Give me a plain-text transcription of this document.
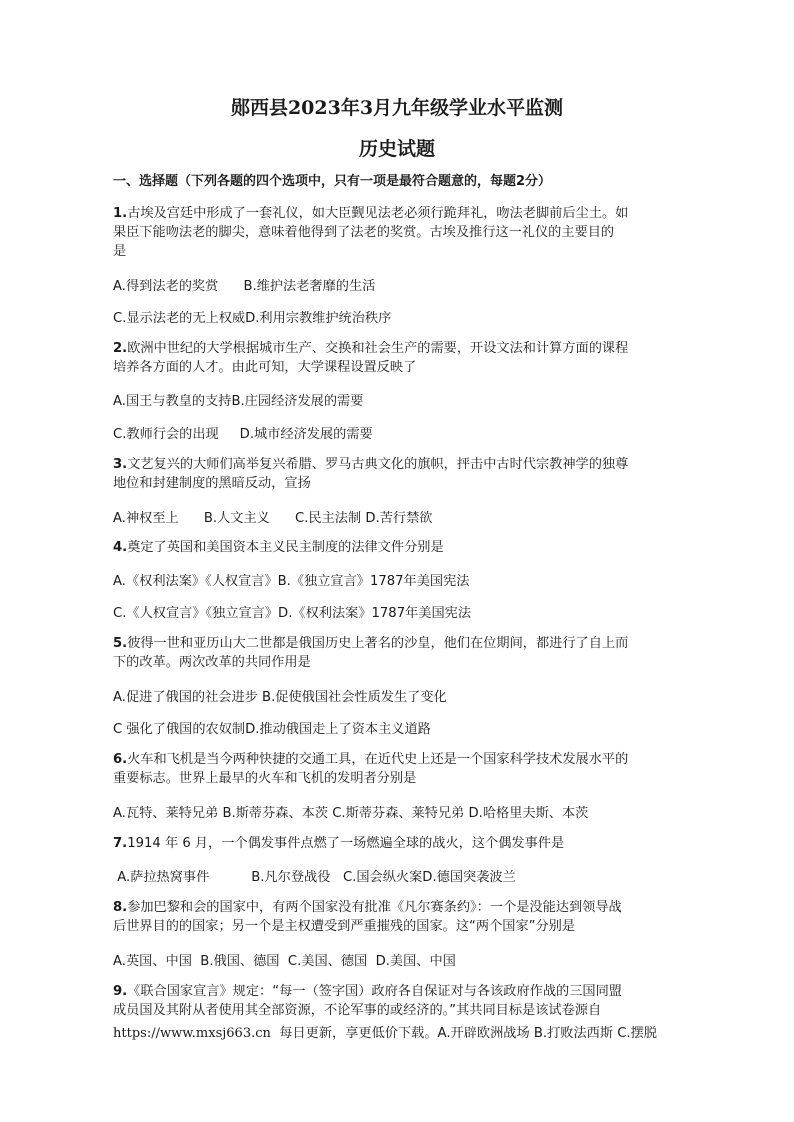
郧西县2023年3月九年级学业水平监测
历史试题
一、选择题（下列各题的四个选项中，只有一项是最符合题意的，每题2分）
1.古埃及宫廷中形成了一套礼仪，如大臣觐见法老必须行跪拜礼，吻法老脚前后尘土。如
果臣下能吻法老的脚尖，意味着他得到了法老的奖赏。古埃及推行这一礼仪的主要目的
是
A.得到法老的奖赏      B.维护法老奢靡的生活
C.显示法老的无上权威D.利用宗教维护统治秩序
2.欧洲中世纪的大学根据城市生产、交换和社会生产的需要，开设文法和计算方面的课程
培养各方面的人才。由此可知，大学课程设置反映了
A.国王与教皇的支持B.庄园经济发展的需要
C.教师行会的出现     D.城市经济发展的需要
3.文艺复兴的大师们高举复兴希腊、罗马古典文化的旗帜，抨击中古时代宗教神学的独尊
地位和封建制度的黑暗反动，宣扬
A.神权至上      B.人文主义      C.民主法制 D.苦行禁欲
4.奠定了英国和美国资本主义民主制度的法律文件分别是
A.《权利法案》《人权宣言》B.《独立宣言》1787年美国宪法
C.《人权宣言》《独立宣言》D.《权利法案》1787年美国宪法
5.彼得一世和亚历山大二世都是俄国历史上著名的沙皇，他们在位期间，都进行了自上而
下的改革。两次改革的共同作用是
A.促进了俄国的社会进步 B.促使俄国社会性质发生了变化
C 强化了俄国的农奴制D.推动俄国走上了资本主义道路
6.火车和飞机是当今两种快捷的交通工具，在近代史上还是一个国家科学技术发展水平的
重要标志。世界上最早的火车和飞机的发明者分别是
A.瓦特、莱特兄弟 B.斯蒂芬森、本茨 C.斯蒂芬森、莱特兄弟 D.哈格里夫斯、本茨
7.1914 年 6 月，一个偶发事件点燃了一场燃遍全球的战火，这个偶发事件是
A.萨拉热窝事件          B.凡尔登战役   C.国会纵火案D.德国突袭波兰
8.参加巴黎和会的国家中，有两个国家没有批准《凡尔赛条约》：一个是没能达到领导战
后世界目的的国家；另一个是主权遭受到严重摧残的国家。这“两个国家”分别是
A.英国、中国  B.俄国、德国  C.美国、德国  D.美国、中国
9.《联合国家宣言》规定：“每一（签字国）政府各自保证对与各该政府作战的三国同盟
成员国及其附从者使用其全部资源，不论军事的或经济的。”其共同目标是该试卷源自
https://www.mxsj663.cn  每日更新，享更低价下载。A.开辟欧洲战场 B.打败法西斯 C.摆脱
